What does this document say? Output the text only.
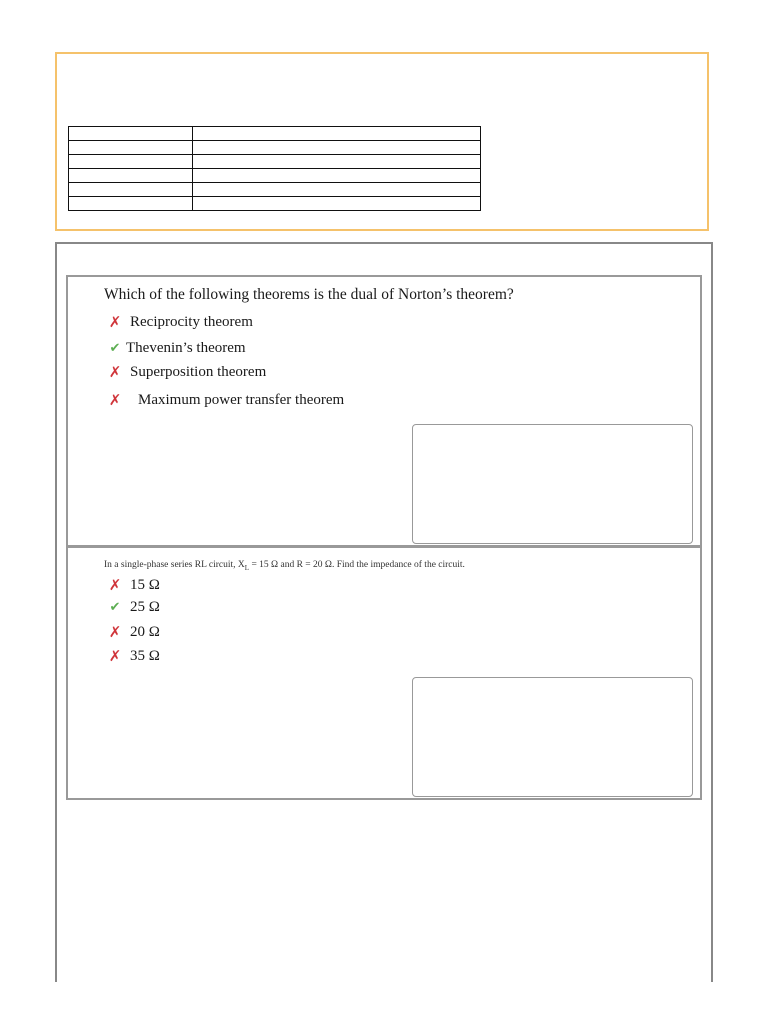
Which of the following theorems is the dual of Norton’s theorem?
✗ Reciprocity theorem
✔ Thevenin’s theorem
✗ Superposition theorem
✗	Maximum power transfer theorem
In a single-phase series RL circuit, $X_L = 15$ Ω and R = 20 Ω. Find the impedance of the circuit.
✗ 15 Ω
✔ 25 Ω
✗ 20 Ω
✗ 35 Ω
